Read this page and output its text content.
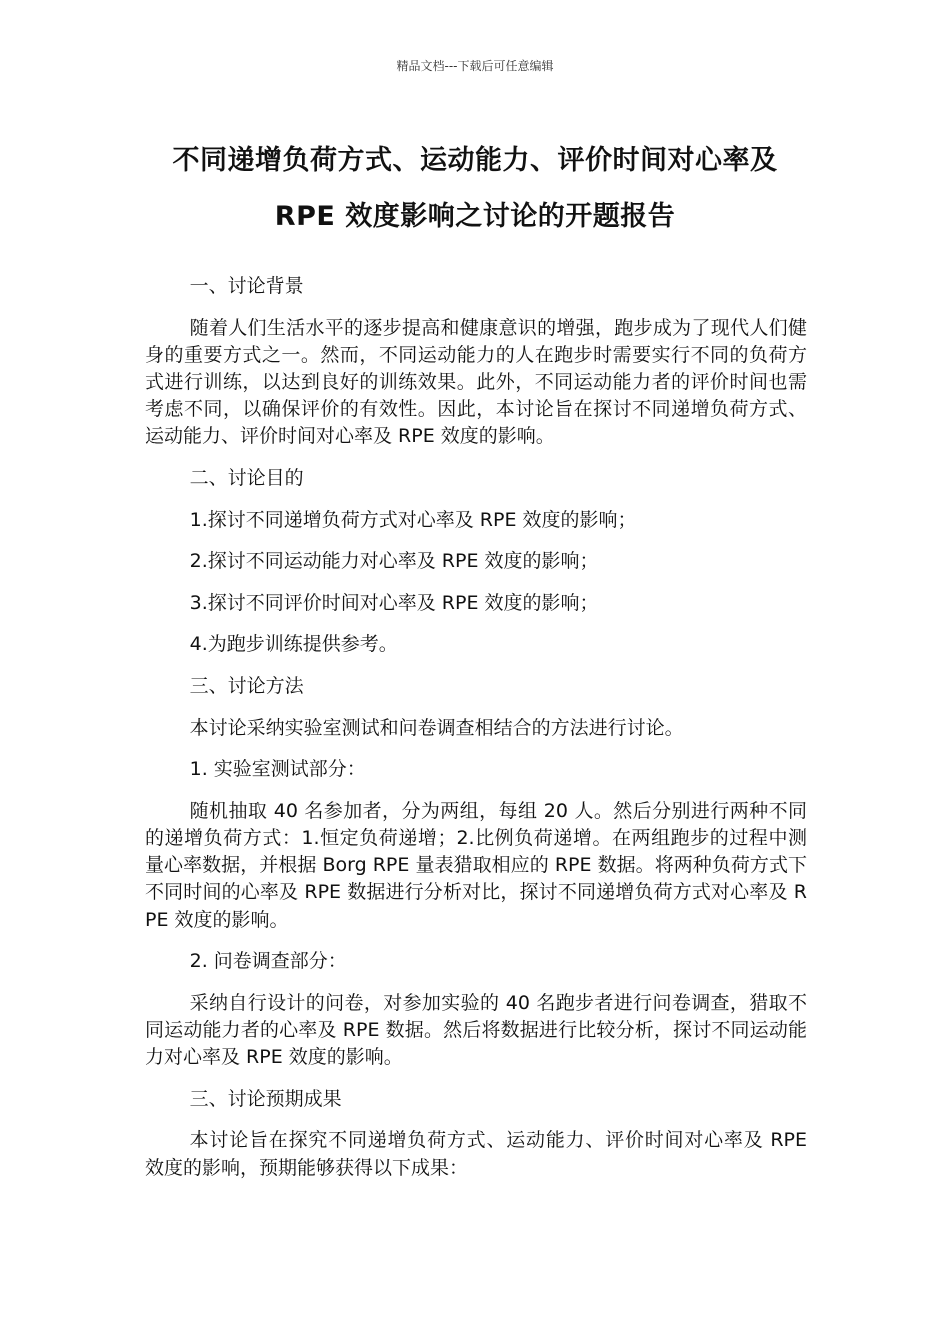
精品文档---下载后可任意编辑
不同递增负荷方式、运动能力、评价时间对心率及
RPE 效度影响之讨论的开题报告

一、讨论背景

随着人们生活水平的逐步提高和健康意识的增强，跑步成为了现代人们健身的重要方式之一。然而，不同运动能力的人在跑步时需要实行不同的负荷方式进行训练，以达到良好的训练效果。此外，不同运动能力者的评价时间也需考虑不同，以确保评价的有效性。因此，本讨论旨在探讨不同递增负荷方式、运动能力、评价时间对心率及 RPE 效度的影响。

二、讨论目的

1.探讨不同递增负荷方式对心率及 RPE 效度的影响；

2.探讨不同运动能力对心率及 RPE 效度的影响；

3.探讨不同评价时间对心率及 RPE 效度的影响；

4.为跑步训练提供参考。

三、讨论方法

本讨论采纳实验室测试和问卷调查相结合的方法进行讨论。

1. 实验室测试部分：

随机抽取 40 名参加者，分为两组，每组 20 人。然后分别进行两种不同的递增负荷方式：1.恒定负荷递增；2.比例负荷递增。在两组跑步的过程中测量心率数据，并根据 Borg RPE 量表猎取相应的 RPE 数据。将两种负荷方式下不同时间的心率及 RPE 数据进行分析对比，探讨不同递增负荷方式对心率及 RPE 效度的影响。

2. 问卷调查部分：

采纳自行设计的问卷，对参加实验的 40 名跑步者进行问卷调查，猎取不同运动能力者的心率及 RPE 数据。然后将数据进行比较分析，探讨不同运动能力对心率及 RPE 效度的影响。

三、讨论预期成果

本讨论旨在探究不同递增负荷方式、运动能力、评价时间对心率及 RPE 效度的影响，预期能够获得以下成果：
